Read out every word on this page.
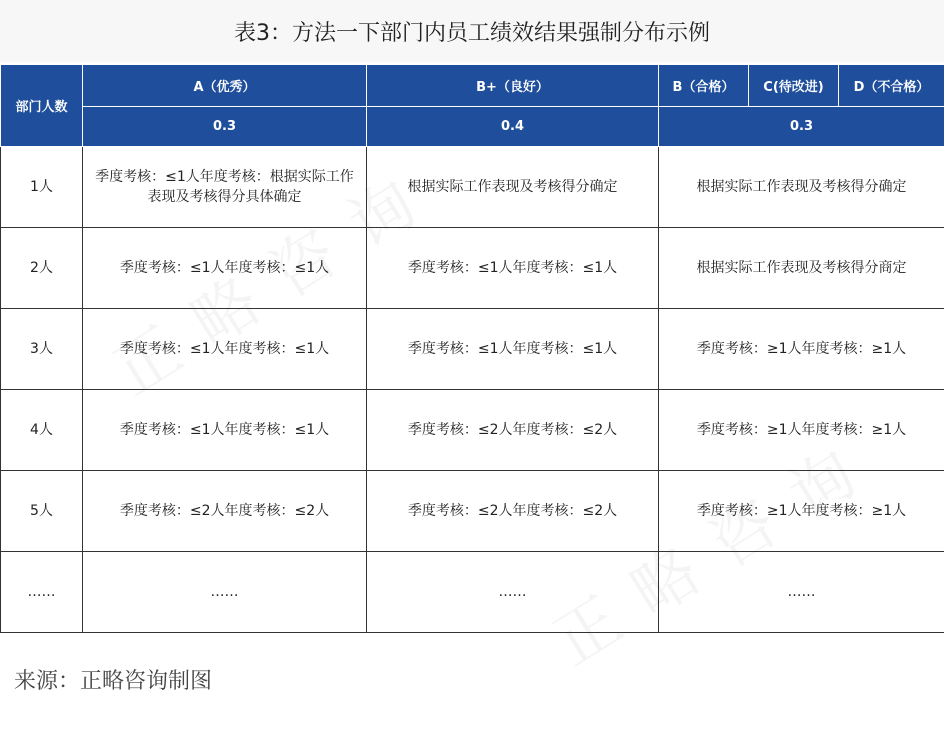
表3：方法一下部门内员工绩效结果强制分布示例
部门人数	A（优秀）	B+（良好）	B（合格）	C(待改进)	D（不合格）
	0.3	0.4	0.3		
1人	季度考核：≤1人年度考核：根据实际工作表现及考核得分具体确定	根据实际工作表现及考核得分确定	根据实际工作表现及考核得分确定		
2人	季度考核：≤1人年度考核：≤1人	季度考核：≤1人年度考核：≤1人	根据实际工作表现及考核得分商定		
3人	季度考核：≤1人年度考核：≤1人	季度考核：≤1人年度考核：≤1人	季度考核：≥1人年度考核：≥1人		
4人	季度考核：≤1人年度考核：≤1人	季度考核：≤2人年度考核：≤2人	季度考核：≥1人年度考核：≥1人		
5人	季度考核：≤2人年度考核：≤2人	季度考核：≤2人年度考核：≤2人	季度考核：≥1人年度考核：≥1人		
……	……	……	……		
来源：正略咨询制图
